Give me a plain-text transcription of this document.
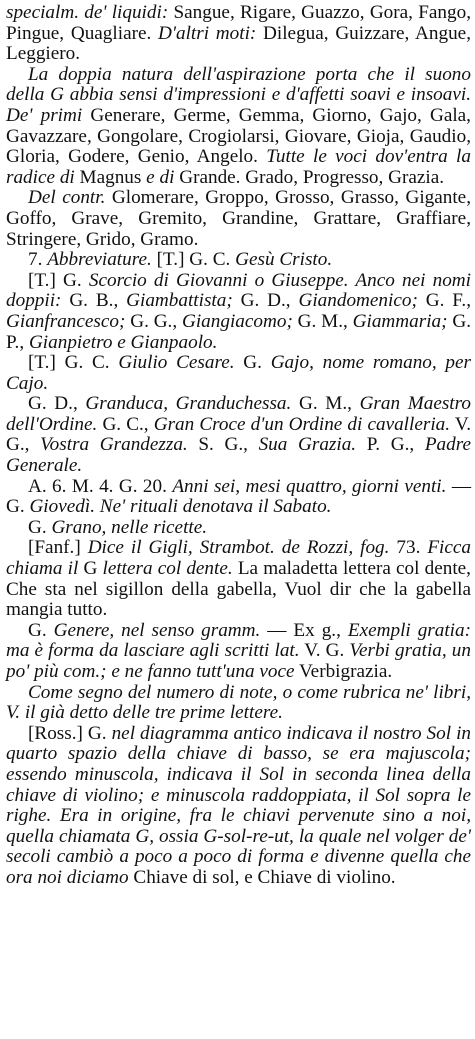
specialm. de' liquidi: Sangue, Rigare, Guazzo, Gora, Fango, Pingue, Quagliare. D'altri moti: Dilegua, Guizzare, Angue, Leggiero.

La doppia natura dell'aspirazione porta che il suono della G abbia sensi d'impressioni e d'affetti soavi e insoavi. De' primi Generare, Germe, Gemma, Giorno, Gajo, Gala, Gavazzare, Gongolare, Crogiolarsi, Giovare, Gioja, Gaudio, Gloria, Godere, Genio, Angelo. Tutte le voci dov'entra la radice di Magnus e di Grande. Grado, Progresso, Grazia.

Del contr. Glomerare, Groppo, Grosso, Grasso, Gigante, Goffo, Grave, Gremito, Grandine, Grattare, Graffiare, Stringere, Grido, Gramo.

7. Abbreviature. [T.] G. C. Gesù Cristo.

[T.] G. Scorcio di Giovanni o Giuseppe. Anco nei nomi doppii: G. B., Giambattista; G. D., Giandomenico; G. F., Gianfrancesco; G. G., Giangiacomo; G. M., Giammaria; G. P., Gianpietro e Gianpaolo.

[T.] G. C. Giulio Cesare. G. Gajo, nome romano, per Cajo.

G. D., Granduca, Granduchessa. G. M., Gran Maestro dell'Ordine. G. C., Gran Croce d'un Ordine di cavalleria. V. G., Vostra Grandezza. S. G., Sua Grazia. P. G., Padre Generale.

A. 6. M. 4. G. 20. Anni sei, mesi quattro, giorni venti. — G. Giovedì. Ne' rituali denotava il Sabato.

G. Grano, nelle ricette.

[Fanf.] Dice il Gigli, Strambot. de Rozzi, fog. 73. Ficca chiama il G lettera col dente. La maladetta lettera col dente, Che sta nel sigillon della gabella, Vuol dir che la gabella mangia tutto.

G. Genere, nel senso gramm. — Ex g., Exempli gratia: ma è forma da lasciare agli scritti lat. V. G. Verbi gratia, un po' più com.; e ne fanno tutt'una voce Verbigrazia.

Come segno del numero di note, o come rubrica ne' libri, V. il già detto delle tre prime lettere.

[Ross.] G. nel diagramma antico indicava il nostro Sol in quarto spazio della chiave di basso, se era majuscola; essendo minuscola, indicava il Sol in seconda linea della chiave di violino; e minuscola raddoppiata, il Sol sopra le righe. Era in origine, fra le chiavi pervenute sino a noi, quella chiamata G, ossia G-sol-re-ut, la quale nel volger de' secoli cambiò a poco a poco di forma e divenne quella che ora noi diciamo Chiave di sol, e Chiave di violino.
